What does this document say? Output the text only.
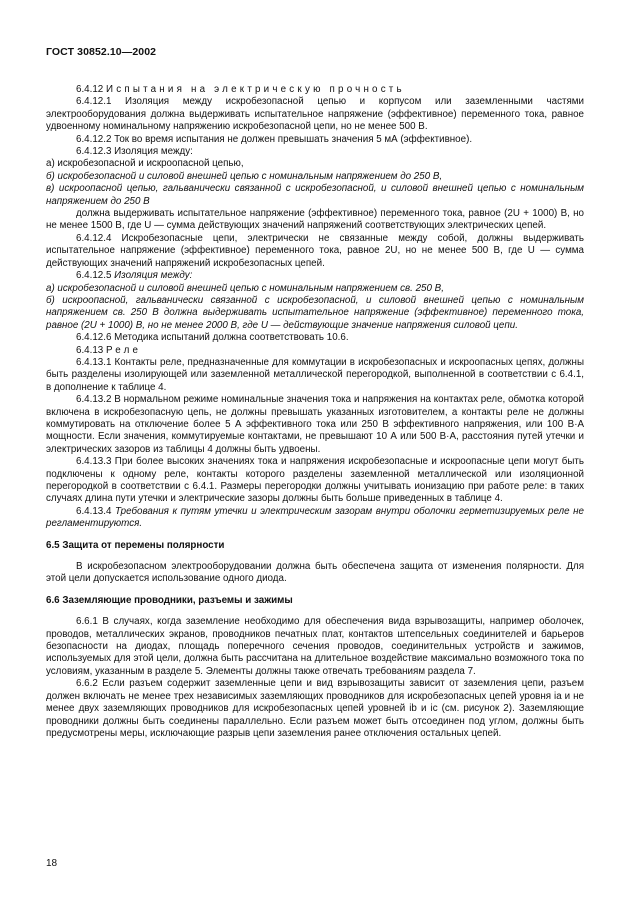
ГОСТ 30852.10—2002

6.4.12 Испытания на электрическую прочность

6.4.12.1 Изоляция между искробезопасной цепью и корпусом или заземленными частями электрооборудования должна выдерживать испытательное напряжение (эффективное) переменного тока, равное удвоенному номинальному напряжению искробезопасной цепи, но не менее 500 В.

6.4.12.2 Ток во время испытания не должен превышать значения 5 мА (эффективное).

6.4.12.3 Изоляция между:

а) искробезопасной и искроопасной цепью,

б) искробезопасной и силовой внешней цепью с номинальным напряжением до 250 В,

в) искроопасной цепью, гальванически связанной с искробезопасной, и силовой внешней цепью с номинальным напряжением до 250 В

должна выдерживать испытательное напряжение (эффективное) переменного тока, равное (2U + 1000) В, но не менее 1500 В, где U — сумма действующих значений напряжений соответствующих электрических цепей.

6.4.12.4 Искробезопасные цепи, электрически не связанные между собой, должны выдерживать испытательное напряжение (эффективное) переменного тока, равное 2U, но не менее 500 В, где U — сумма действующих значений напряжений искробезопасных цепей.

6.4.12.5 Изоляция между:

а) искробезопасной и силовой внешней цепью с номинальным напряжением св. 250 В,

б) искроопасной, гальванически связанной с искробезопасной, и силовой внешней цепью с номинальным напряжением св. 250 В должна выдерживать испытательное напряжение (эффективное) переменного тока, равное (2U + 1000) В, но не менее 2000 В, где U — действующие значение напряжения силовой цепи.

6.4.12.6 Методика испытаний должна соответствовать 10.6.

6.4.13 Реле

6.4.13.1 Контакты реле, предназначенные для коммутации в искробезопасных и искроопасных цепях, должны быть разделены изолирующей или заземленной металлической перегородкой, выполненной в соответствии с 6.4.1, в дополнение к таблице 4.

6.4.13.2 В нормальном режиме номинальные значения тока и напряжения на контактах реле, обмотка которой включена в искробезопасную цепь, не должны превышать указанных изготовителем, а контакты реле не должны коммутировать на отключение более 5 А эффективного тока или 250 В эффективного напряжения, или 100 В·А мощности. Если значения, коммутируемые контактами, не превышают 10 А или 500 В·А, расстояния путей утечки и электрических зазоров из таблицы 4 должны быть удвоены.

6.4.13.3 При более высоких значениях тока и напряжения искробезопасные и искроопасные цепи могут быть подключены к одному реле, контакты которого разделены заземленной металлической или изоляционной перегородкой в соответствии с 6.4.1. Размеры перегородки должны учитывать ионизацию при работе реле: в таких случаях длина пути утечки и электрические зазоры должны быть больше приведенных в таблице 4.

6.4.13.4 Требования к путям утечки и электрическим зазорам внутри оболочки герметизируемых реле не регламентируются.

6.5 Защита от перемены полярности

В искробезопасном электрооборудовании должна быть обеспечена защита от изменения полярности. Для этой цели допускается использование одного диода.

6.6 Заземляющие проводники, разъемы и зажимы

6.6.1 В случаях, когда заземление необходимо для обеспечения вида взрывозащиты, например оболочек, проводов, металлических экранов, проводников печатных плат, контактов штепсельных соединителей и барьеров безопасности на диодах, площадь поперечного сечения проводов, соединительных устройств и зажимов, используемых для этой цели, должна быть рассчитана на длительное воздействие максимально возможного тока по условиям, указанным в разделе 5. Элементы должны также отвечать требованиям раздела 7.

6.6.2 Если разъем содержит заземленные цепи и вид взрывозащиты зависит от заземления цепи, разъем должен включать не менее трех независимых заземляющих проводников для искробезопасных цепей уровня ia и не менее двух заземляющих проводников для искробезопасных цепей уровней ib и ic (см. рисунок 2). Заземляющие проводники должны быть соединены параллельно. Если разъем может быть отсоединен под углом, должны быть предусмотрены меры, исключающие разрыв цепи заземления ранее отключения остальных цепей.

18
